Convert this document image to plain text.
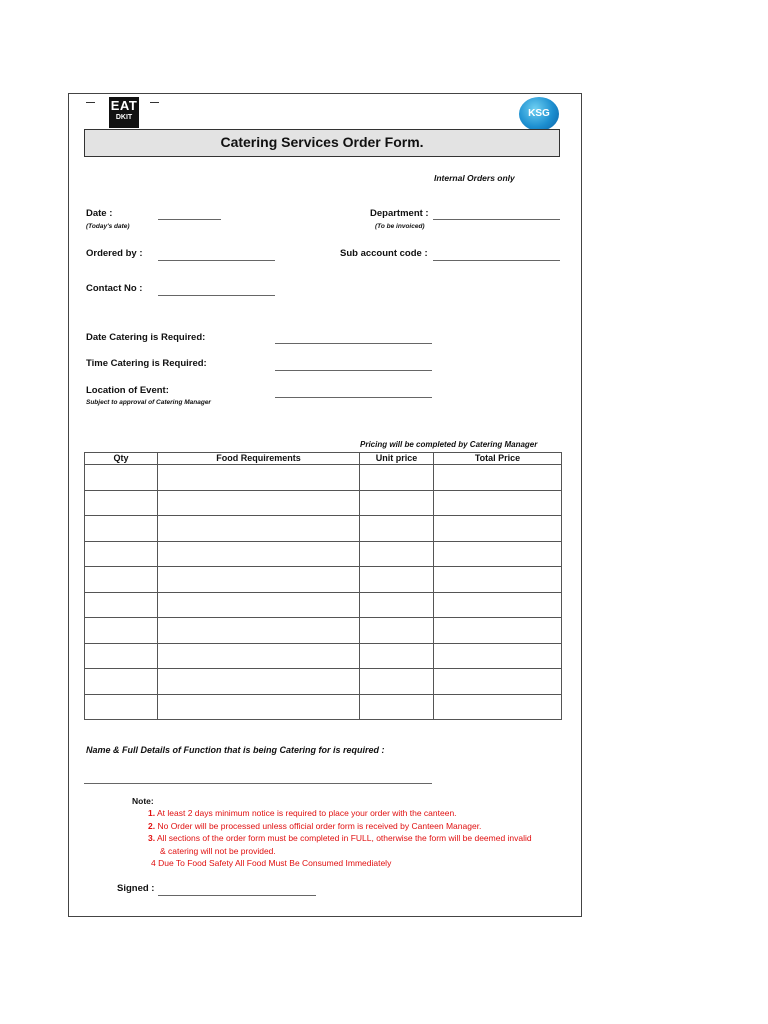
EAT
DKIT	KSG
Catering Services Order Form.
Internal Orders only
Date :
(Today's date)
Department :
(To be invoiced)
Ordered by :	Sub account code :
Contact No :
Date Catering is Required:
Time Catering is Required:
Location of Event:
Subject to approval of Catering Manager
Pricing will be completed by Catering Manager
Qty	Food Requirements	Unit price	Total Price

Name & Full Details of Function that is being Catering for is required :
Note:
1. At least 2 days minimum notice is required to place your order with the canteen.
2. No Order will be processed unless official order form is received by Canteen Manager.
3. All sections of the order form must be completed in FULL, otherwise the form will be deemed invalid
& catering will not be provided.
4 Due To Food Safety All Food Must Be Consumed Immediately
Signed :
